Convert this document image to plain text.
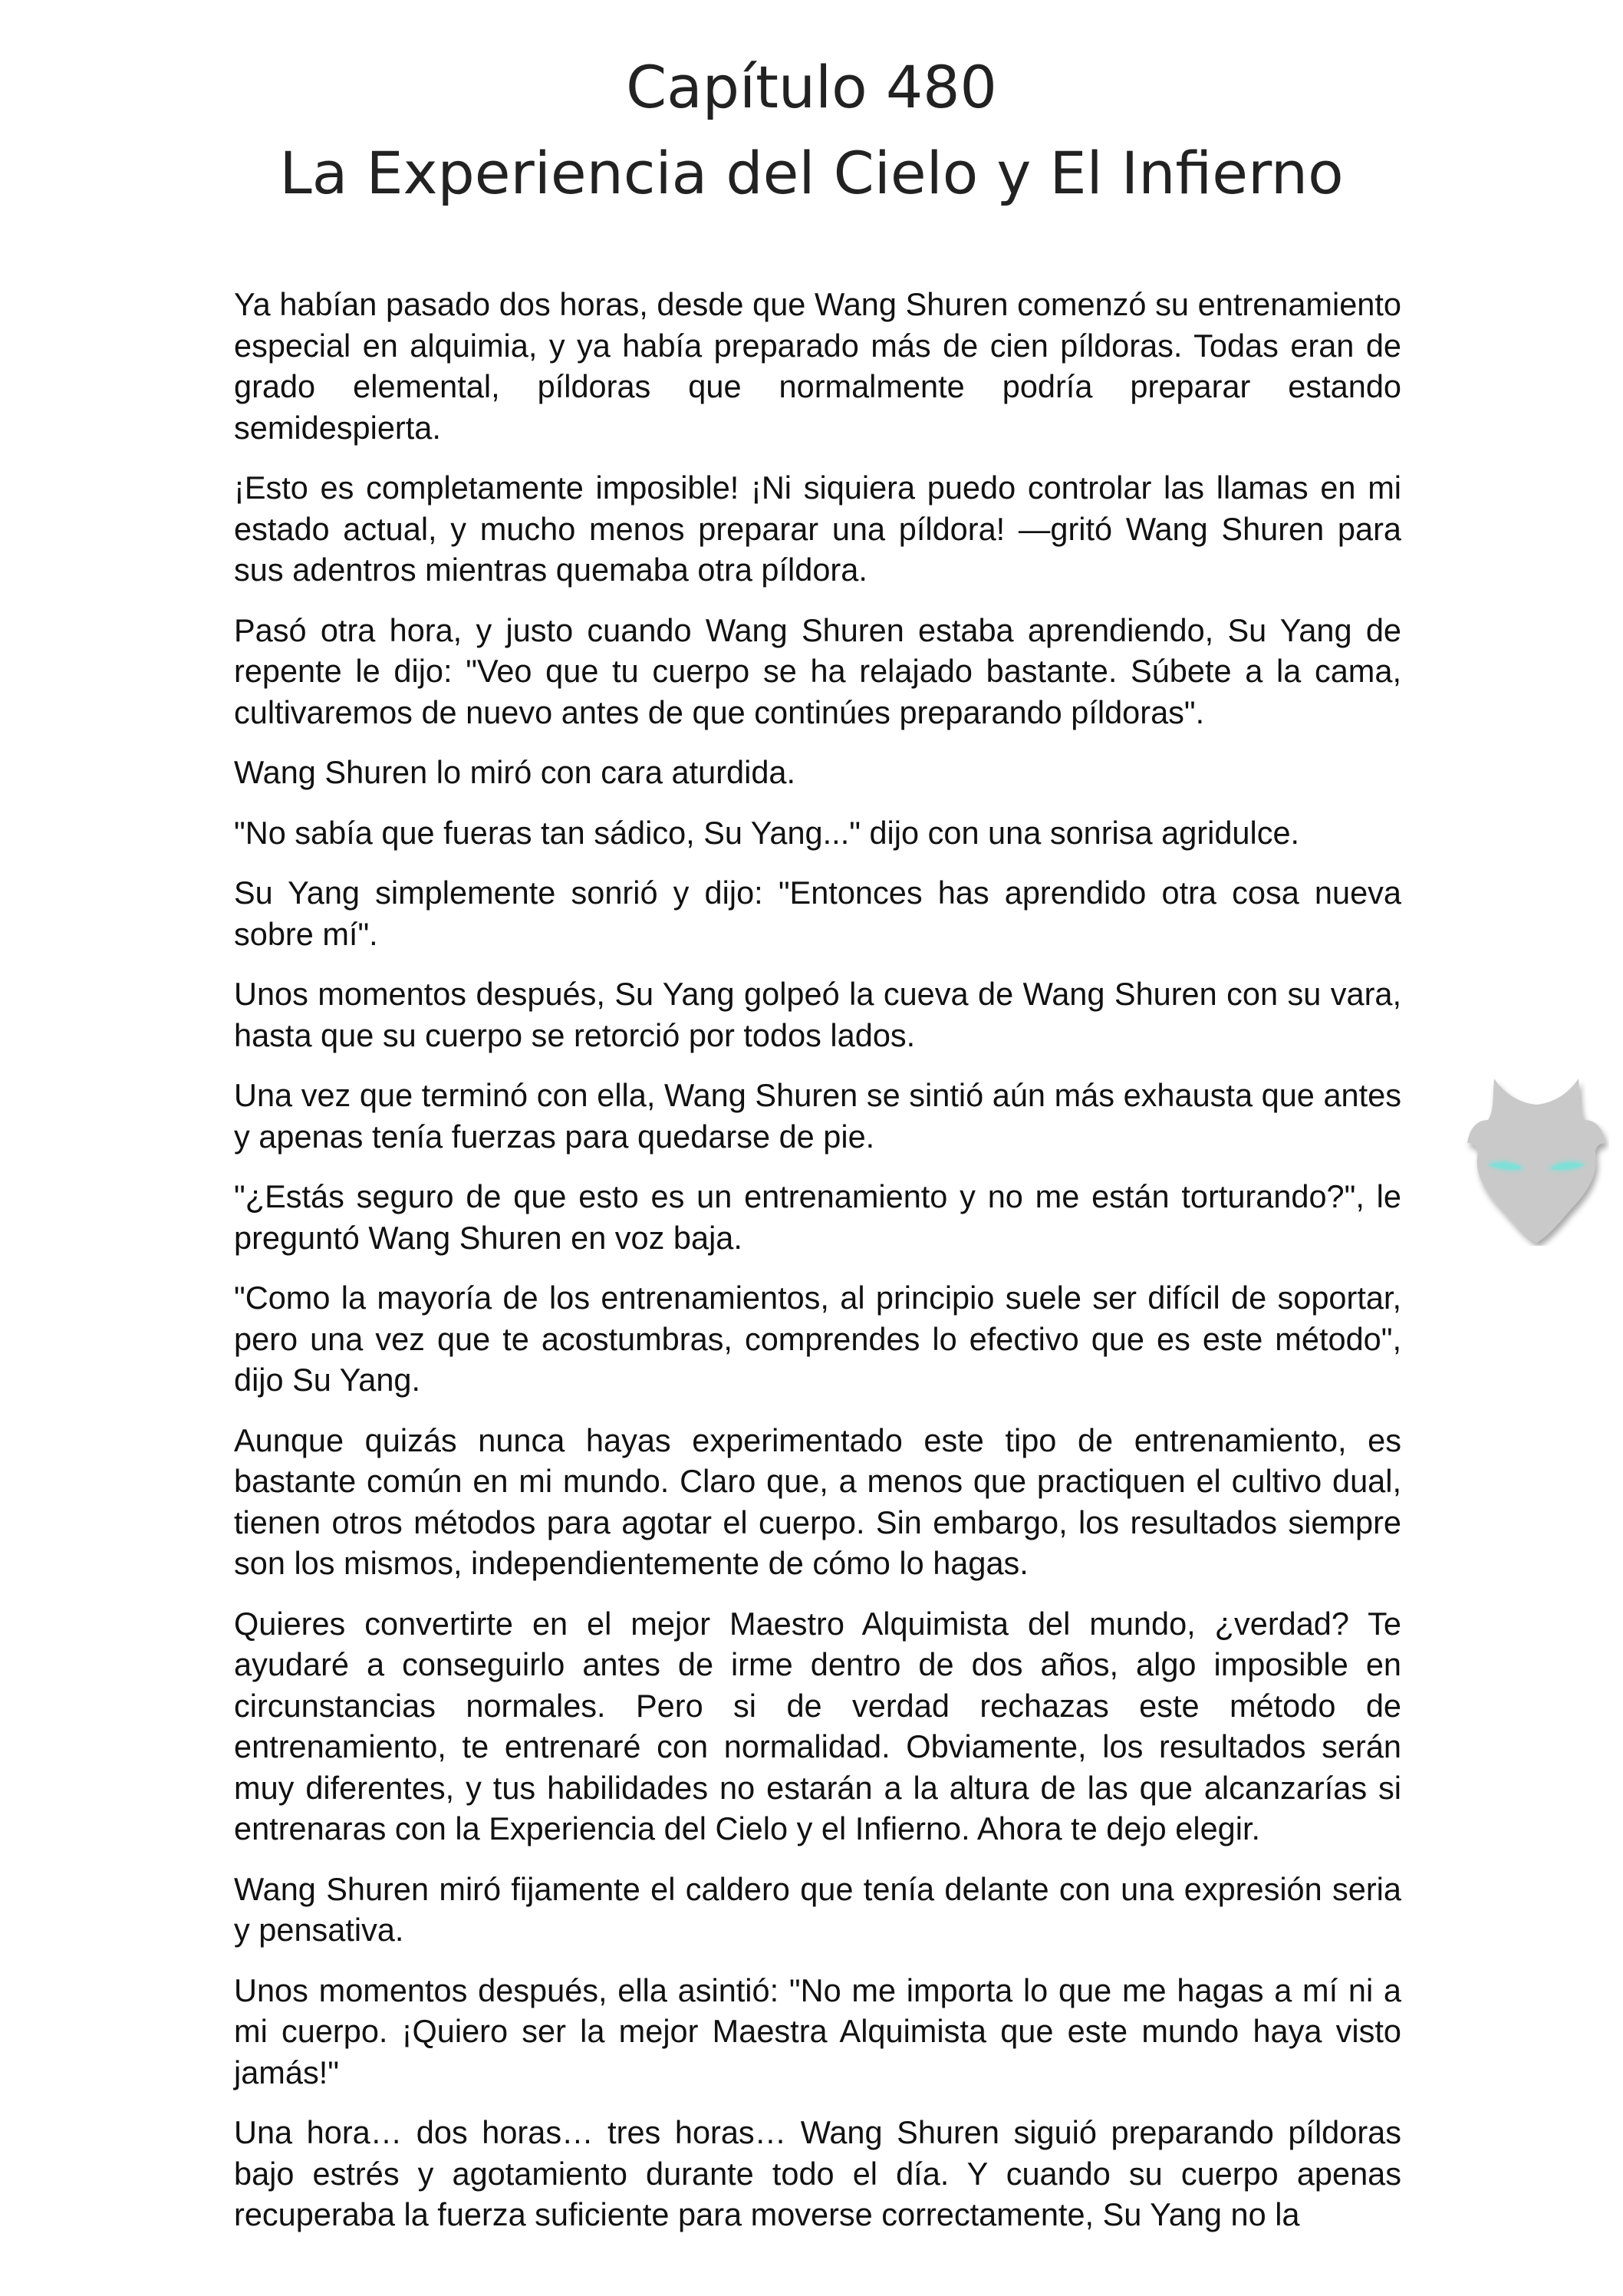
Capítulo 480
La Experiencia del Cielo y El Infierno

Ya habían pasado dos horas, desde que Wang Shuren comenzó su entrenamiento especial en alquimia, y ya había preparado más de cien píldoras. Todas eran de grado elemental, píldoras que normalmente podría preparar estando semidespierta.

¡Esto es completamente imposible! ¡Ni siquiera puedo controlar las llamas en mi estado actual, y mucho menos preparar una píldora! —gritó Wang Shuren para sus adentros mientras quemaba otra píldora.

Pasó otra hora, y justo cuando Wang Shuren estaba aprendiendo, Su Yang de repente le dijo: "Veo que tu cuerpo se ha relajado bastante. Súbete a la cama, cultivaremos de nuevo antes de que continúes preparando píldoras".

Wang Shuren lo miró con cara aturdida.

"No sabía que fueras tan sádico, Su Yang..." dijo con una sonrisa agridulce.

Su Yang simplemente sonrió y dijo: "Entonces has aprendido otra cosa nueva sobre mí".

Unos momentos después, Su Yang golpeó la cueva de Wang Shuren con su vara, hasta que su cuerpo se retorció por todos lados.

Una vez que terminó con ella, Wang Shuren se sintió aún más exhausta que antes y apenas tenía fuerzas para quedarse de pie.

"¿Estás seguro de que esto es un entrenamiento y no me están torturando?", le preguntó Wang Shuren en voz baja.

"Como la mayoría de los entrenamientos, al principio suele ser difícil de soportar, pero una vez que te acostumbras, comprendes lo efectivo que es este método", dijo Su Yang.

Aunque quizás nunca hayas experimentado este tipo de entrenamiento, es bastante común en mi mundo. Claro que, a menos que practiquen el cultivo dual, tienen otros métodos para agotar el cuerpo. Sin embargo, los resultados siempre son los mismos, independientemente de cómo lo hagas.

Quieres convertirte en el mejor Maestro Alquimista del mundo, ¿verdad? Te ayudaré a conseguirlo antes de irme dentro de dos años, algo imposible en circunstancias normales. Pero si de verdad rechazas este método de entrenamiento, te entrenaré con normalidad. Obviamente, los resultados serán muy diferentes, y tus habilidades no estarán a la altura de las que alcanzarías si entrenaras con la Experiencia del Cielo y el Infierno. Ahora te dejo elegir.

Wang Shuren miró fijamente el caldero que tenía delante con una expresión seria y pensativa.

Unos momentos después, ella asintió: "No me importa lo que me hagas a mí ni a mi cuerpo. ¡Quiero ser la mejor Maestra Alquimista que este mundo haya visto jamás!"

Una hora… dos horas… tres horas… Wang Shuren siguió preparando píldoras bajo estrés y agotamiento durante todo el día. Y cuando su cuerpo apenas recuperaba la fuerza suficiente para moverse correctamente, Su Yang no la
